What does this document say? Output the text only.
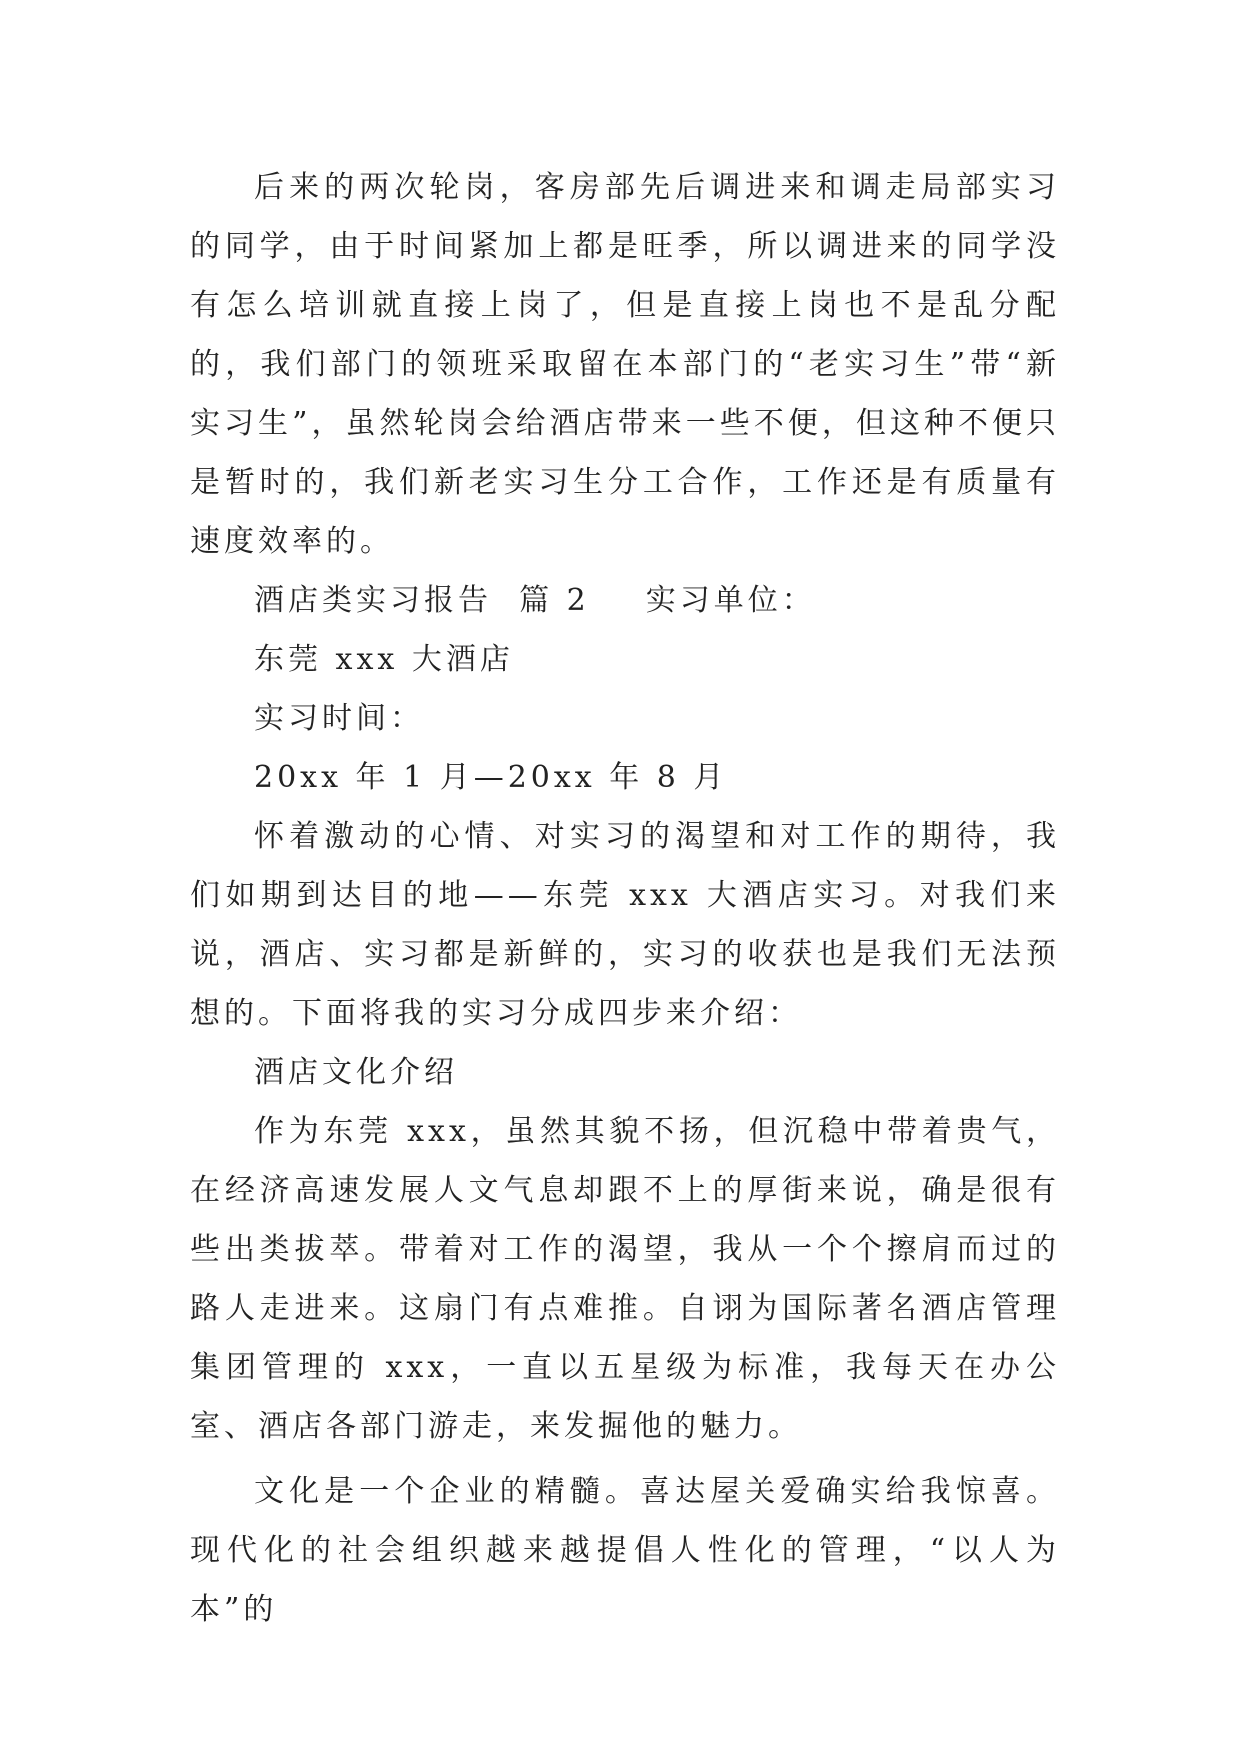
后来的两次轮岗，客房部先后调进来和调走局部实习的同学，由于时间紧加上都是旺季，所以调进来的同学没有怎么培训就直接上岗了，但是直接上岗也不是乱分配的，我们部门的领班采取留在本部门的“老实习生”带“新实习生”，虽然轮岗会给酒店带来一些不便，但这种不便只是暂时的，我们新老实习生分工合作，工作还是有质量有速度效率的。

酒店类实习报告  篇 2 实习单位：

东莞 xxx 大酒店

实习时间：

20xx 年 1 月—20xx 年 8 月

怀着激动的心情、对实习的渴望和对工作的期待，我们如期到达目的地——东莞 xxx 大酒店实习。对我们来说，酒店、实习都是新鲜的，实习的收获也是我们无法预想的。下面将我的实习分成四步来介绍：

酒店文化介绍

作为东莞 xxx，虽然其貌不扬，但沉稳中带着贵气，在经济高速发展人文气息却跟不上的厚街来说，确是很有些出类拔萃。带着对工作的渴望，我从一个个擦肩而过的路人走进来。这扇门有点难推。自诩为国际著名酒店管理集团管理的 xxx，一直以五星级为标准，我每天在办公室、酒店各部门游走，来发掘他的魅力。

文化是一个企业的精髓。喜达屋关爱确实给我惊喜。现代化的社会组织越来越提倡人性化的管理，“以人为本”的
